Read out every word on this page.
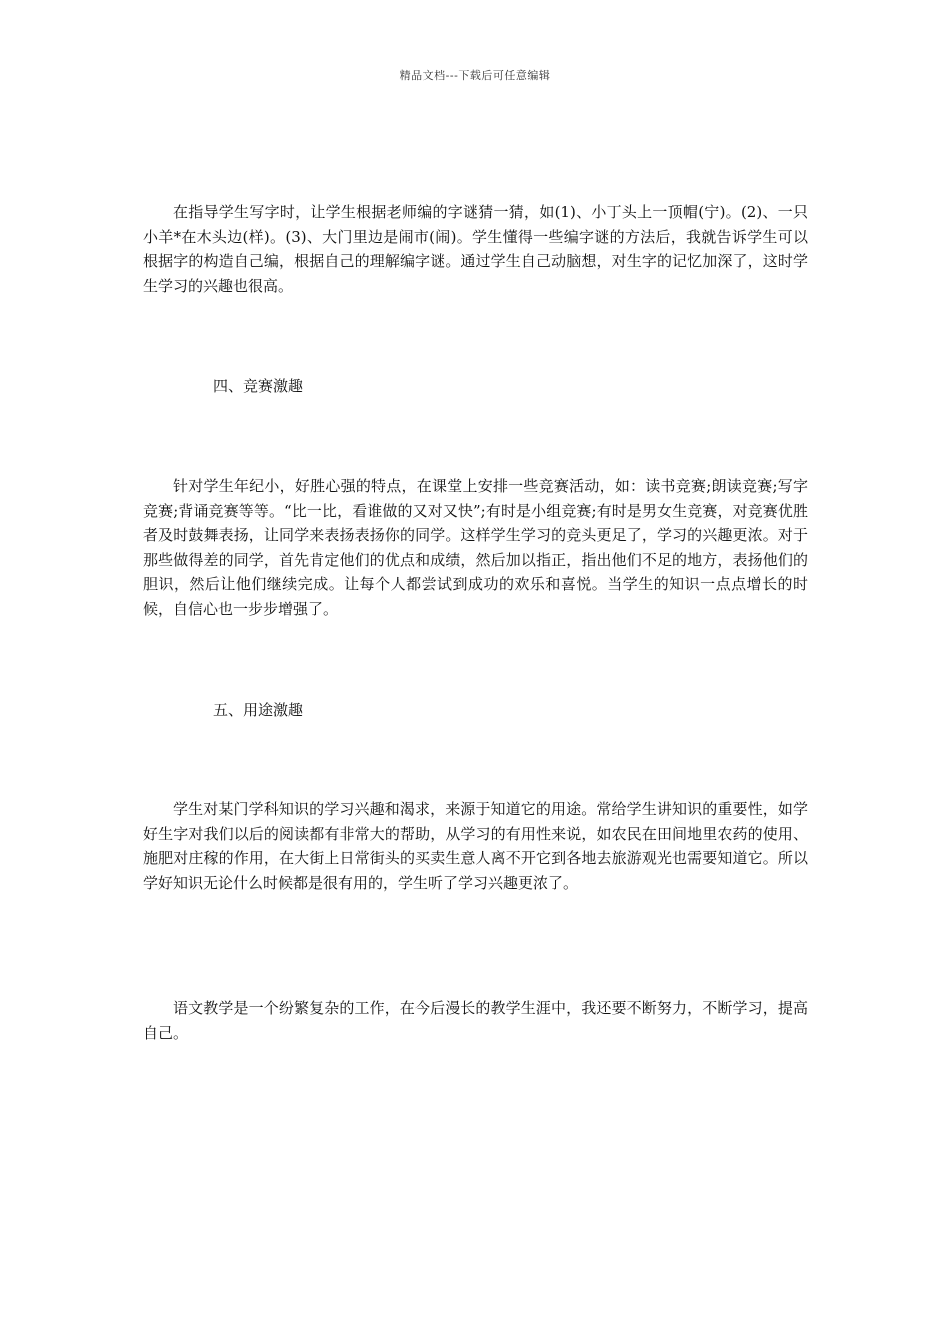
精品文档---下载后可任意编辑

在指导学生写字时，让学生根据老师编的字谜猜一猜，如(1)、小丁头上一顶帽(宁)。(2)、一只小羊*在木头边(样)。(3)、大门里边是闹市(闹)。学生懂得一些编字谜的方法后，我就告诉学生可以根据字的构造自己编，根据自己的理解编字谜。通过学生自己动脑想，对生字的记忆加深了，这时学生学习的兴趣也很高。

四、竞赛激趣

针对学生年纪小，好胜心强的特点，在课堂上安排一些竞赛活动，如：读书竞赛;朗读竞赛;写字竞赛;背诵竞赛等等。“比一比，看谁做的又对又快”;有时是小组竞赛;有时是男女生竞赛，对竞赛优胜者及时鼓舞表扬，让同学来表扬表扬你的同学。这样学生学习的竞头更足了，学习的兴趣更浓。对于那些做得差的同学，首先肯定他们的优点和成绩，然后加以指正，指出他们不足的地方，表扬他们的胆识，然后让他们继续完成。让每个人都尝试到成功的欢乐和喜悦。当学生的知识一点点增长的时候，自信心也一步步增强了。

五、用途激趣

学生对某门学科知识的学习兴趣和渴求，来源于知道它的用途。常给学生讲知识的重要性，如学好生字对我们以后的阅读都有非常大的帮助，从学习的有用性来说，如农民在田间地里农药的使用、施肥对庄稼的作用，在大街上日常街头的买卖生意人离不开它到各地去旅游观光也需要知道它。所以学好知识无论什么时候都是很有用的，学生听了学习兴趣更浓了。

语文教学是一个纷繁复杂的工作，在今后漫长的教学生涯中，我还要不断努力，不断学习，提高自己。
